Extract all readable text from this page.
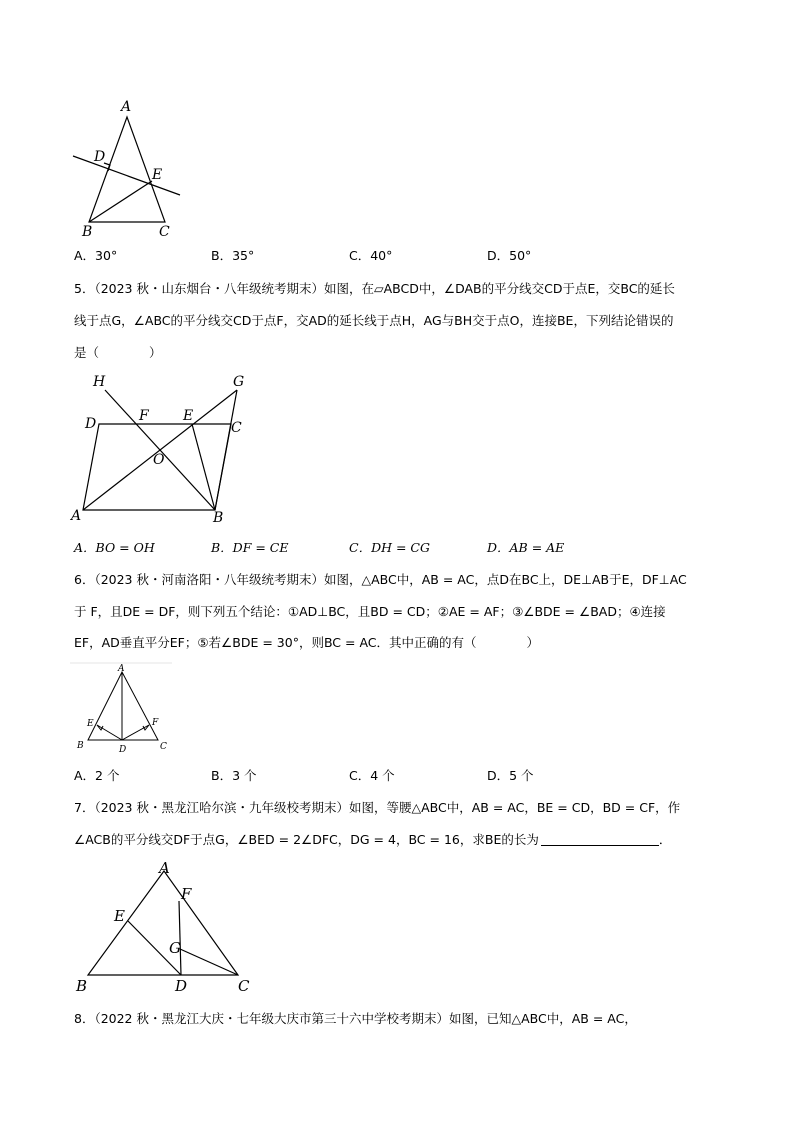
A
D
E
B	C
A．30°	B．35°	C．40°	D．50°
5．（2023 秋・山东烟台・八年级统考期末）如图，在▱ABCD中，∠DAB的平分线交CD于点E，交BC的延长
线于点G，∠ABC的平分线交CD于点F，交AD的延长线于点H，AG与BH交于点O，连接BE，下列结论错误的
是（　　　　）
H	G
D	F E
C
O
A	B
A．BO = OH	B．DF = CE	C．DH = CG	D．AB = AE
6．（2023 秋・河南洛阳・八年级统考期末）如图，△ABC中，AB = AC，点D在BC上，DE⊥AB于E，DF⊥AC
于 F，且DE = DF，则下列五个结论：①AD⊥BC，且BD = CD；②AE = AF；③∠BDE = ∠BAD；④连接
EF，AD垂直平分EF；⑤若∠BDE = 30°，则BC = AC．其中正确的有（　　　　）
A
E	F
B	D	C
A．2 个	B．3 个	C．4 个	D．5 个
7．（2023 秋・黑龙江哈尔滨・九年级校考期末）如图，等腰△ABC中，AB = AC，BE = CD，BD = CF，作
∠ACB的平分线交DF于点G，∠BED = 2∠DFC，DG = 4，BC = 16，求BE的长为	．
A
F
E
G
B	D	C
8．（2022 秋・黑龙江大庆・七年级大庆市第三十六中学校考期末）如图，已知△ABC中，AB = AC，
